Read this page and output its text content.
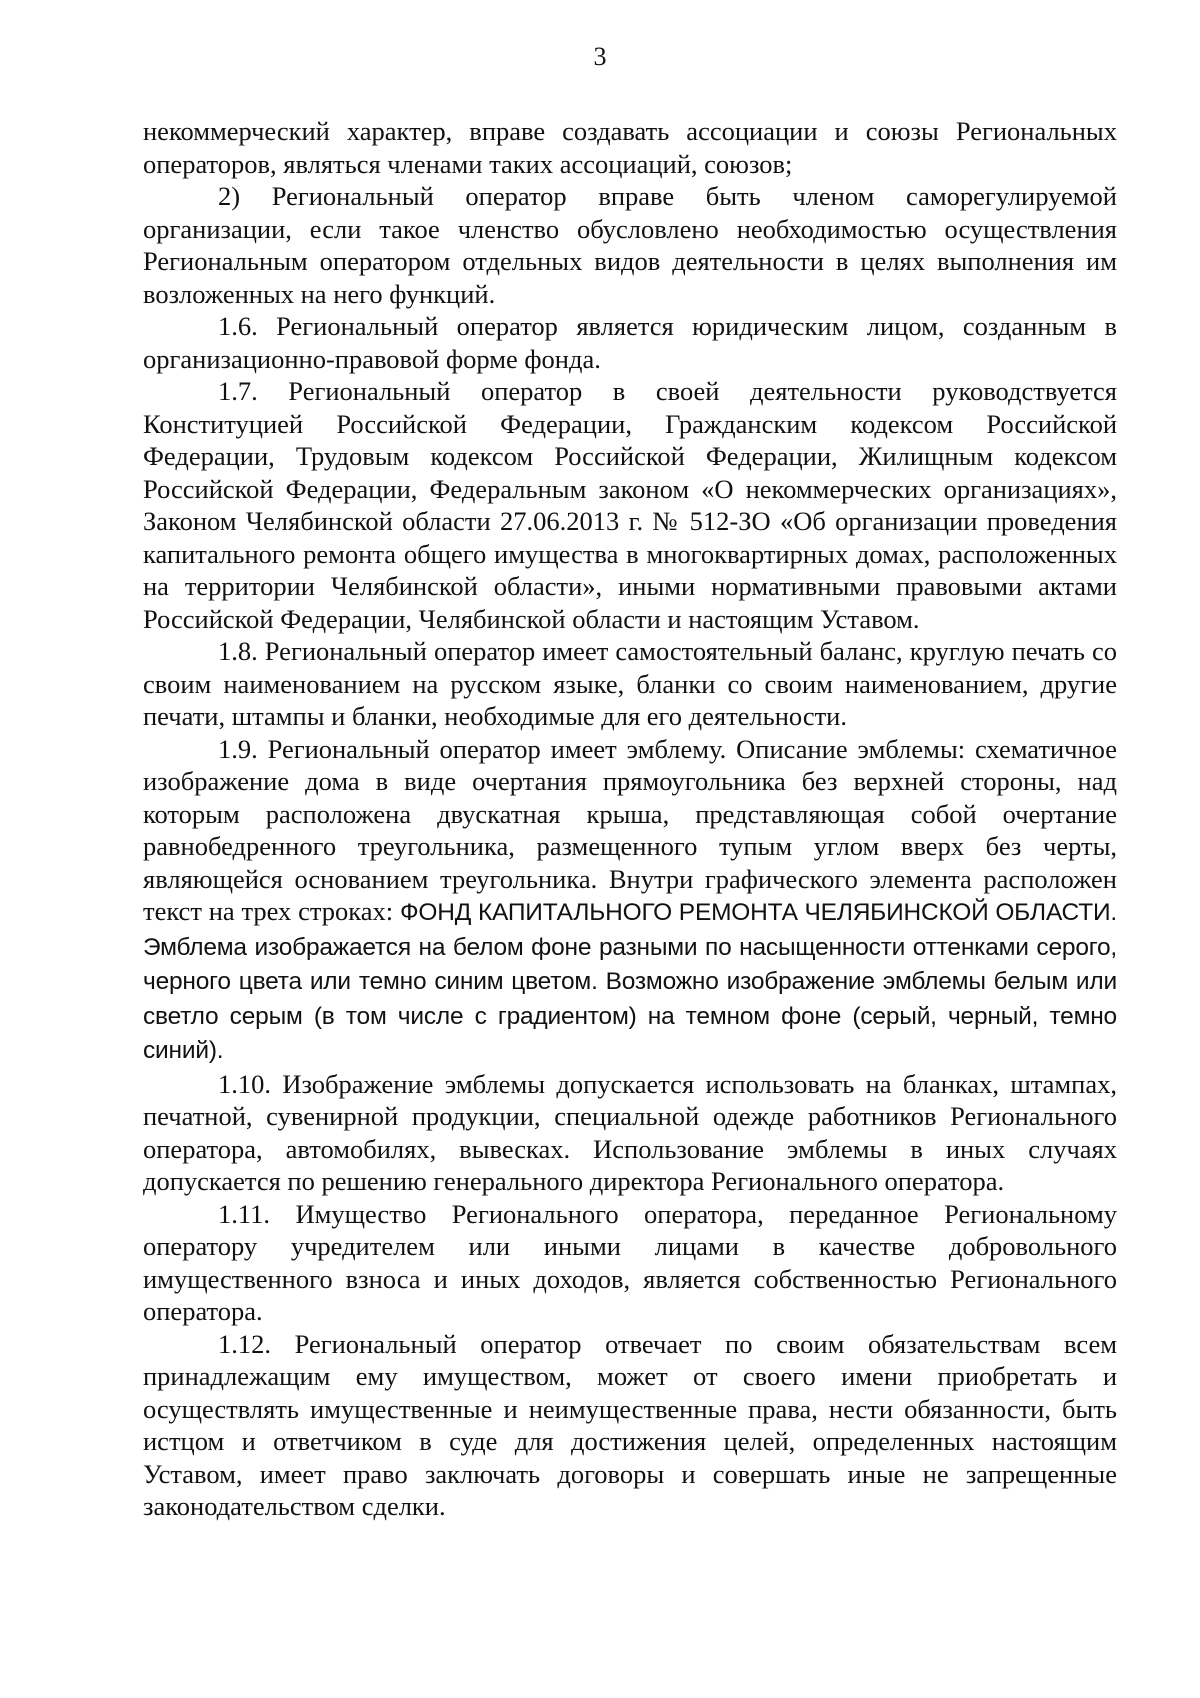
3

некоммерческий характер, вправе создавать ассоциации и союзы Региональных операторов, являться членами таких ассоциаций, союзов;

2) Региональный оператор вправе быть членом саморегулируемой организации, если такое членство обусловлено необходимостью осуществления Региональным оператором отдельных видов деятельности в целях выполнения им возложенных на него функций.

1.6. Региональный оператор является юридическим лицом, созданным в организационно-правовой форме фонда.

1.7. Региональный оператор в своей деятельности руководствуется Конституцией Российской Федерации, Гражданским кодексом Российской Федерации, Трудовым кодексом Российской Федерации, Жилищным кодексом Российской Федерации, Федеральным законом «О некоммерческих организациях», Законом Челябинской области 27.06.2013 г. № 512-ЗО «Об организации проведения капитального ремонта общего имущества в многоквартирных домах, расположенных на территории Челябинской области», иными нормативными правовыми актами Российской Федерации, Челябинской области и настоящим Уставом.

1.8. Региональный оператор имеет самостоятельный баланс, круглую печать со своим наименованием на русском языке, бланки со своим наименованием, другие печати, штампы и бланки, необходимые для его деятельности.

1.9. Региональный оператор имеет эмблему. Описание эмблемы: схематичное изображение дома в виде очертания прямоугольника без верхней стороны, над которым расположена двускатная крыша, представляющая собой очертание равнобедренного треугольника, размещенного тупым углом вверх без черты, являющейся основанием треугольника. Внутри графического элемента расположен текст на трех строках: ФОНД КАПИТАЛЬНОГО РЕМОНТА ЧЕЛЯБИНСКОЙ ОБЛАСТИ. Эмблема изображается на белом фоне разными по насыщенности оттенками серого, черного цвета или темно синим цветом. Возможно изображение эмблемы белым или светло серым (в том числе с градиентом) на темном фоне (серый, черный, темно синий).

1.10. Изображение эмблемы допускается использовать на бланках, штампах, печатной, сувенирной продукции, специальной одежде работников Регионального оператора, автомобилях, вывесках. Использование эмблемы в иных случаях допускается по решению генерального директора Регионального оператора.

1.11. Имущество Регионального оператора, переданное Региональному оператору учредителем или иными лицами в качестве добровольного имущественного взноса и иных доходов, является собственностью Регионального оператора.

1.12. Региональный оператор отвечает по своим обязательствам всем принадлежащим ему имуществом, может от своего имени приобретать и осуществлять имущественные и неимущественные права, нести обязанности, быть истцом и ответчиком в суде для достижения целей, определенных настоящим Уставом, имеет право заключать договоры и совершать иные не запрещенные законодательством сделки.
